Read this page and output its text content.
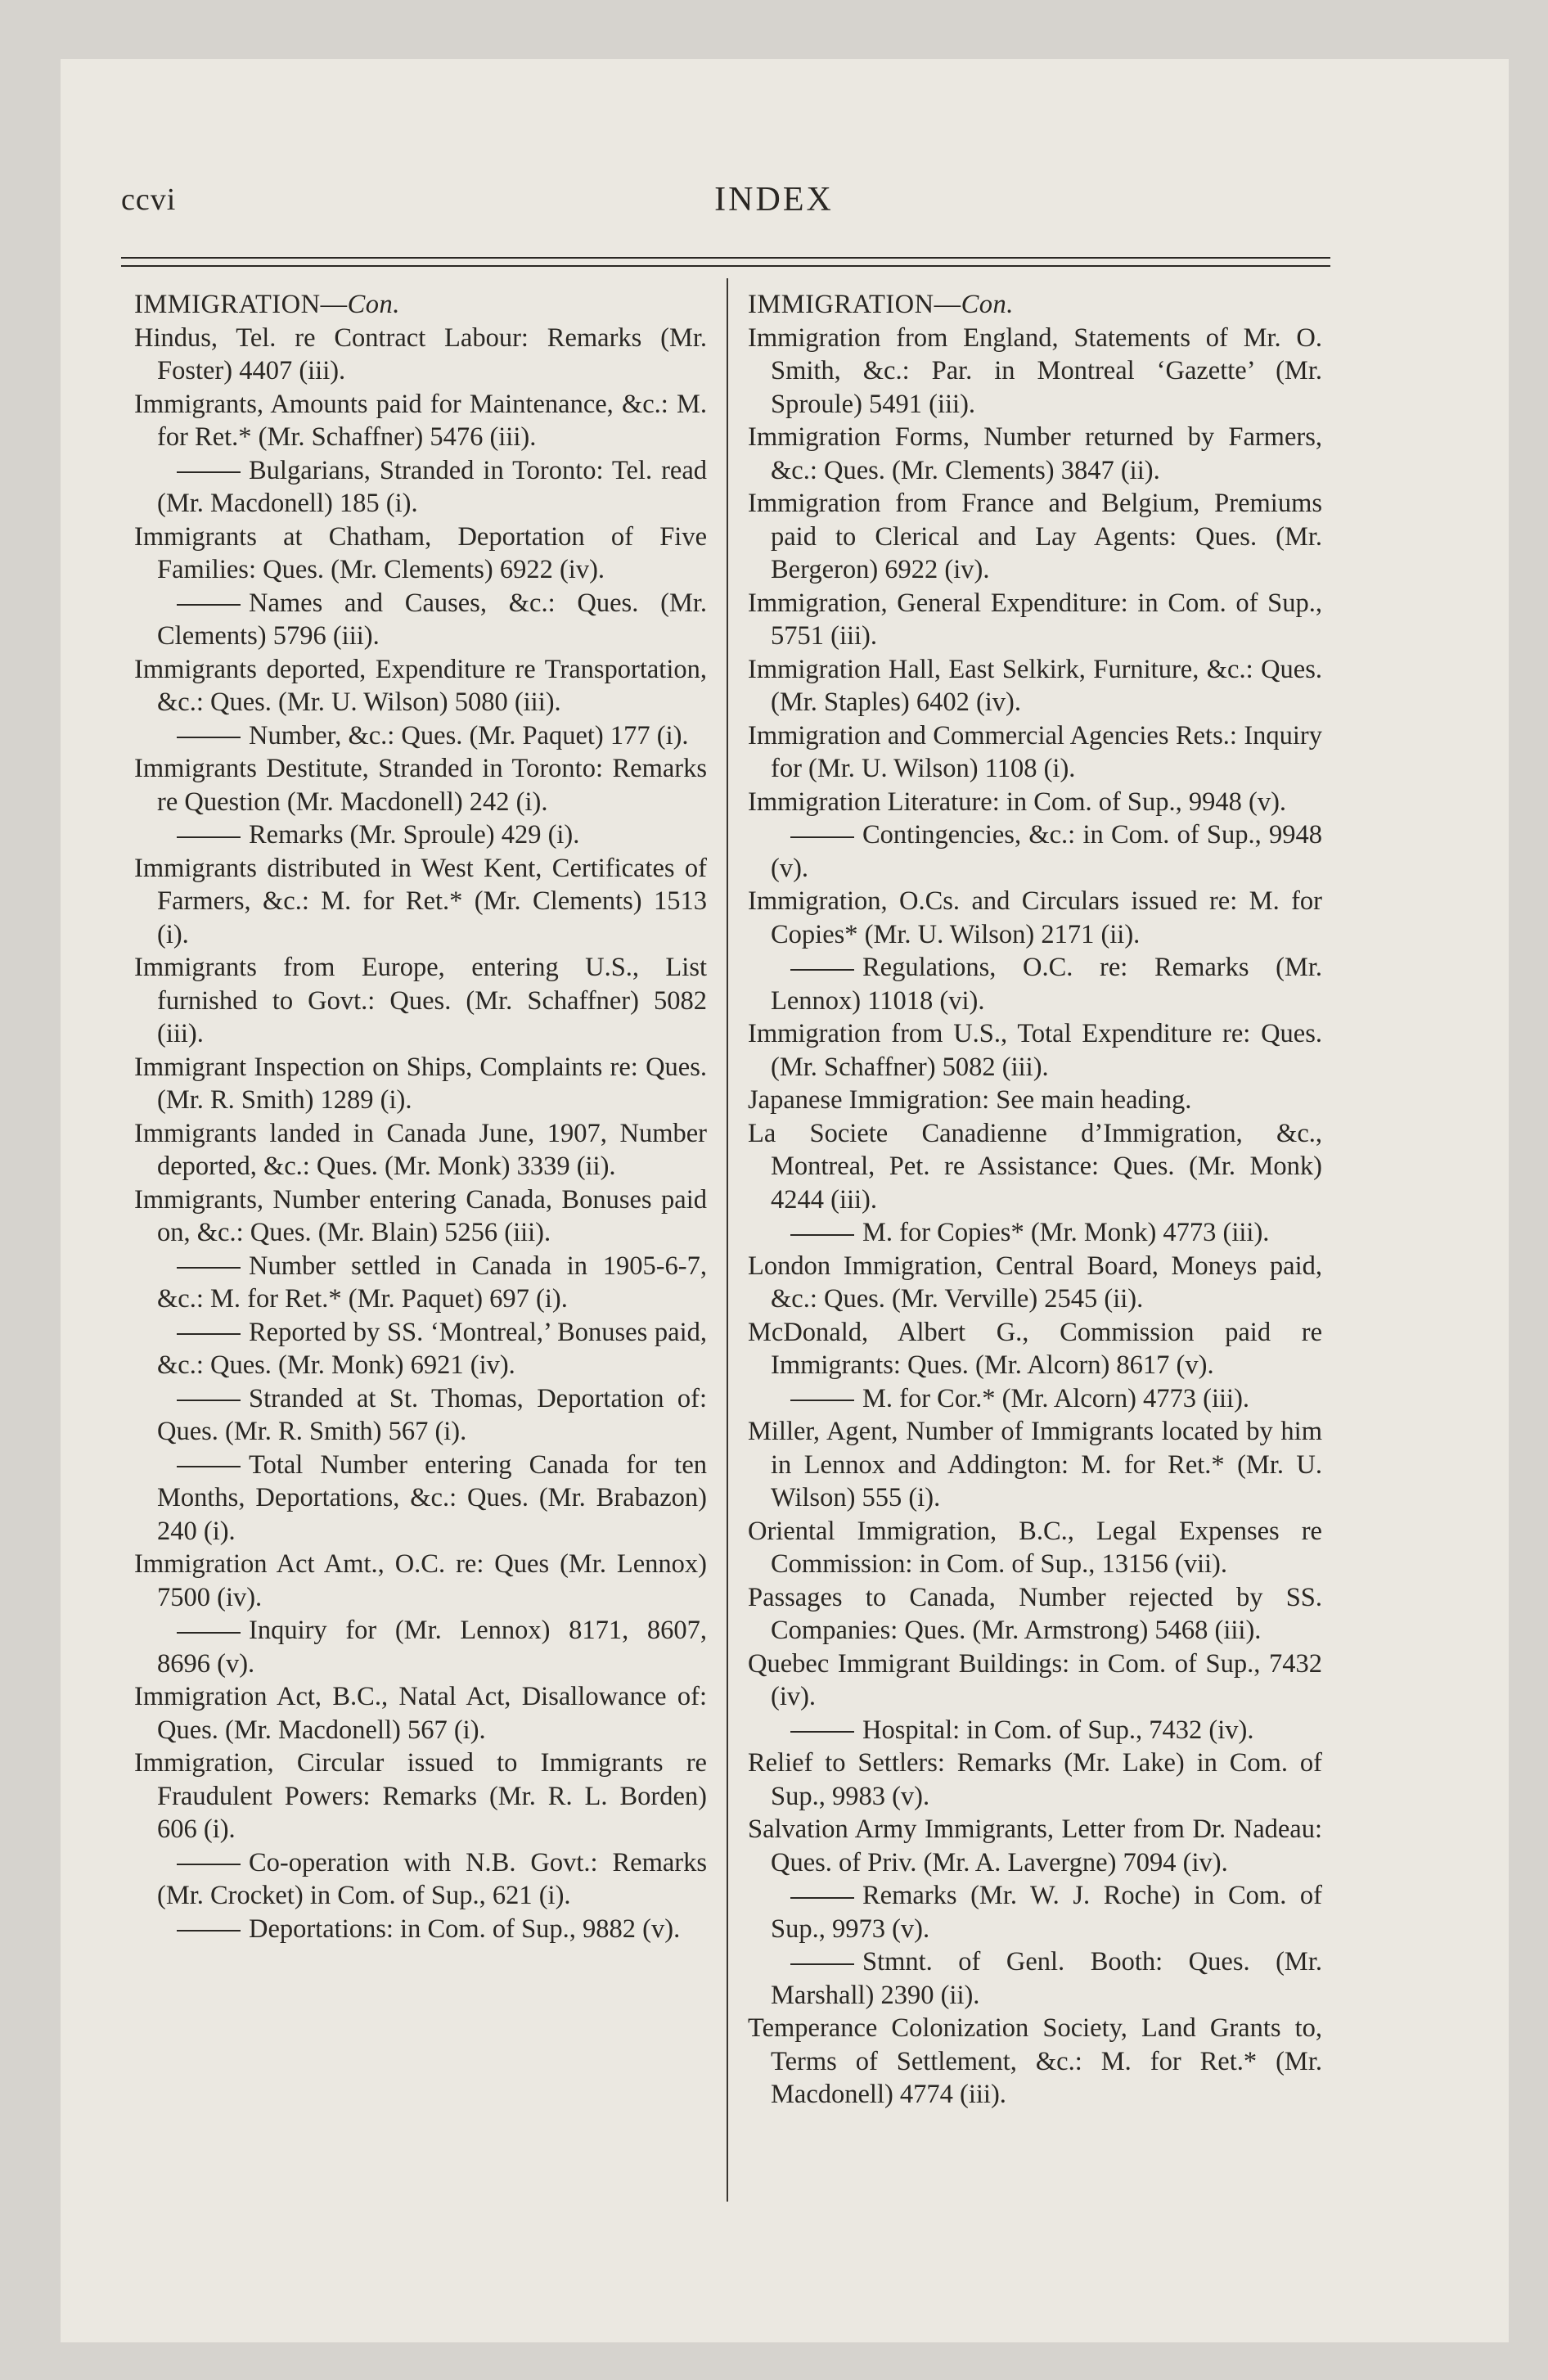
ccvi	INDEX

IMMIGRATION—Con.

Hindus, Tel. re Contract Labour: Remarks (Mr. Foster) 4407 (iii).

Immigrants, Amounts paid for Maintenance, &c.: M. for Ret.* (Mr. Schaffner) 5476 (iii).

Bulgarians, Stranded in Toronto: Tel. read (Mr. Macdonell) 185 (i).

Immigrants at Chatham, Deportation of Five Families: Ques. (Mr. Clements) 6922 (iv).

Names and Causes, &c.: Ques. (Mr. Clements) 5796 (iii).

Immigrants deported, Expenditure re Transportation, &c.: Ques. (Mr. U. Wilson) 5080 (iii).

Number, &c.: Ques. (Mr. Paquet) 177 (i).

Immigrants Destitute, Stranded in Toronto: Remarks re Question (Mr. Macdonell) 242 (i).

Remarks (Mr. Sproule) 429 (i).

Immigrants distributed in West Kent, Certificates of Farmers, &c.: M. for Ret.* (Mr. Clements) 1513 (i).

Immigrants from Europe, entering U.S., List furnished to Govt.: Ques. (Mr. Schaffner) 5082 (iii).

Immigrant Inspection on Ships, Complaints re: Ques. (Mr. R. Smith) 1289 (i).

Immigrants landed in Canada June, 1907, Number deported, &c.: Ques. (Mr. Monk) 3339 (ii).

Immigrants, Number entering Canada, Bonuses paid on, &c.: Ques. (Mr. Blain) 5256 (iii).

Number settled in Canada in 1905-6-7, &c.: M. for Ret.* (Mr. Paquet) 697 (i).

Reported by SS. ‘Montreal,’ Bonuses paid, &c.: Ques. (Mr. Monk) 6921 (iv).

Stranded at St. Thomas, Deportation of: Ques. (Mr. R. Smith) 567 (i).

Total Number entering Canada for ten Months, Deportations, &c.: Ques. (Mr. Brabazon) 240 (i).

Immigration Act Amt., O.C. re: Ques (Mr. Lennox) 7500 (iv).

Inquiry for (Mr. Lennox) 8171, 8607, 8696 (v).

Immigration Act, B.C., Natal Act, Disallowance of: Ques. (Mr. Macdonell) 567 (i).

Immigration, Circular issued to Immigrants re Fraudulent Powers: Remarks (Mr. R. L. Borden) 606 (i).

Co-operation with N.B. Govt.: Remarks (Mr. Crocket) in Com. of Sup., 621 (i).

Deportations: in Com. of Sup., 9882 (v).

IMMIGRATION—Con.

Immigration from England, Statements of Mr. O. Smith, &c.: Par. in Montreal ‘Gazette’ (Mr. Sproule) 5491 (iii).

Immigration Forms, Number returned by Farmers, &c.: Ques. (Mr. Clements) 3847 (ii).

Immigration from France and Belgium, Premiums paid to Clerical and Lay Agents: Ques. (Mr. Bergeron) 6922 (iv).

Immigration, General Expenditure: in Com. of Sup., 5751 (iii).

Immigration Hall, East Selkirk, Furniture, &c.: Ques. (Mr. Staples) 6402 (iv).

Immigration and Commercial Agencies Rets.: Inquiry for (Mr. U. Wilson) 1108 (i).

Immigration Literature: in Com. of Sup., 9948 (v).

Contingencies, &c.: in Com. of Sup., 9948 (v).

Immigration, O.Cs. and Circulars issued re: M. for Copies* (Mr. U. Wilson) 2171 (ii).

Regulations, O.C. re: Remarks (Mr. Lennox) 11018 (vi).

Immigration from U.S., Total Expenditure re: Ques. (Mr. Schaffner) 5082 (iii).

Japanese Immigration: See main heading.

La Societe Canadienne d’Immigration, &c., Montreal, Pet. re Assistance: Ques. (Mr. Monk) 4244 (iii).

M. for Copies* (Mr. Monk) 4773 (iii).

London Immigration, Central Board, Moneys paid, &c.: Ques. (Mr. Verville) 2545 (ii).

McDonald, Albert G., Commission paid re Immigrants: Ques. (Mr. Alcorn) 8617 (v).

M. for Cor.* (Mr. Alcorn) 4773 (iii).

Miller, Agent, Number of Immigrants located by him in Lennox and Addington: M. for Ret.* (Mr. U. Wilson) 555 (i).

Oriental Immigration, B.C., Legal Expenses re Commission: in Com. of Sup., 13156 (vii).

Passages to Canada, Number rejected by SS. Companies: Ques. (Mr. Armstrong) 5468 (iii).

Quebec Immigrant Buildings: in Com. of Sup., 7432 (iv).

Hospital: in Com. of Sup., 7432 (iv).

Relief to Settlers: Remarks (Mr. Lake) in Com. of Sup., 9983 (v).

Salvation Army Immigrants, Letter from Dr. Nadeau: Ques. of Priv. (Mr. A. Lavergne) 7094 (iv).

Remarks (Mr. W. J. Roche) in Com. of Sup., 9973 (v).

Stmnt. of Genl. Booth: Ques. (Mr. Marshall) 2390 (ii).

Temperance Colonization Society, Land Grants to, Terms of Settlement, &c.: M. for Ret.* (Mr. Macdonell) 4774 (iii).
